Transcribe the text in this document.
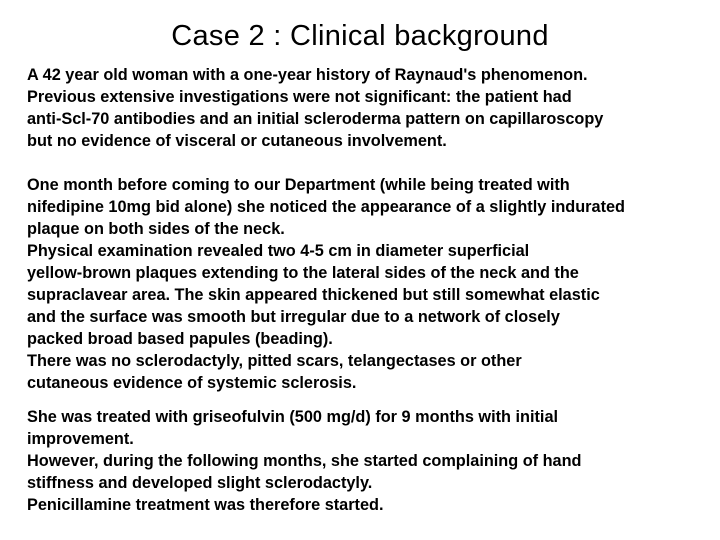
Case 2 : Clinical background
A 42 year old woman with a one-year history of Raynaud's phenomenon.
Previous extensive investigations were not significant: the patient had
anti-Scl-70 antibodies and an initial scleroderma pattern on capillaroscopy
but no evidence of visceral or cutaneous involvement.
One month before coming to our Department (while being treated with
nifedipine 10mg bid alone) she noticed the appearance of a slightly indurated
plaque on both sides of the neck.
Physical examination revealed two 4-5 cm in diameter superficial
yellow-brown plaques extending to the lateral sides of the neck and the
supraclavear area. The skin appeared thickened but still somewhat elastic
and the surface was smooth but irregular due to a network of closely
packed broad based papules (beading).
There was no sclerodactyly, pitted scars, telangectases or other
cutaneous evidence of systemic sclerosis.
She was treated with griseofulvin (500 mg/d) for 9 months with initial
improvement.
However, during the following months, she started complaining of hand
stiffness and developed slight sclerodactyly.
Penicillamine treatment was therefore started.
